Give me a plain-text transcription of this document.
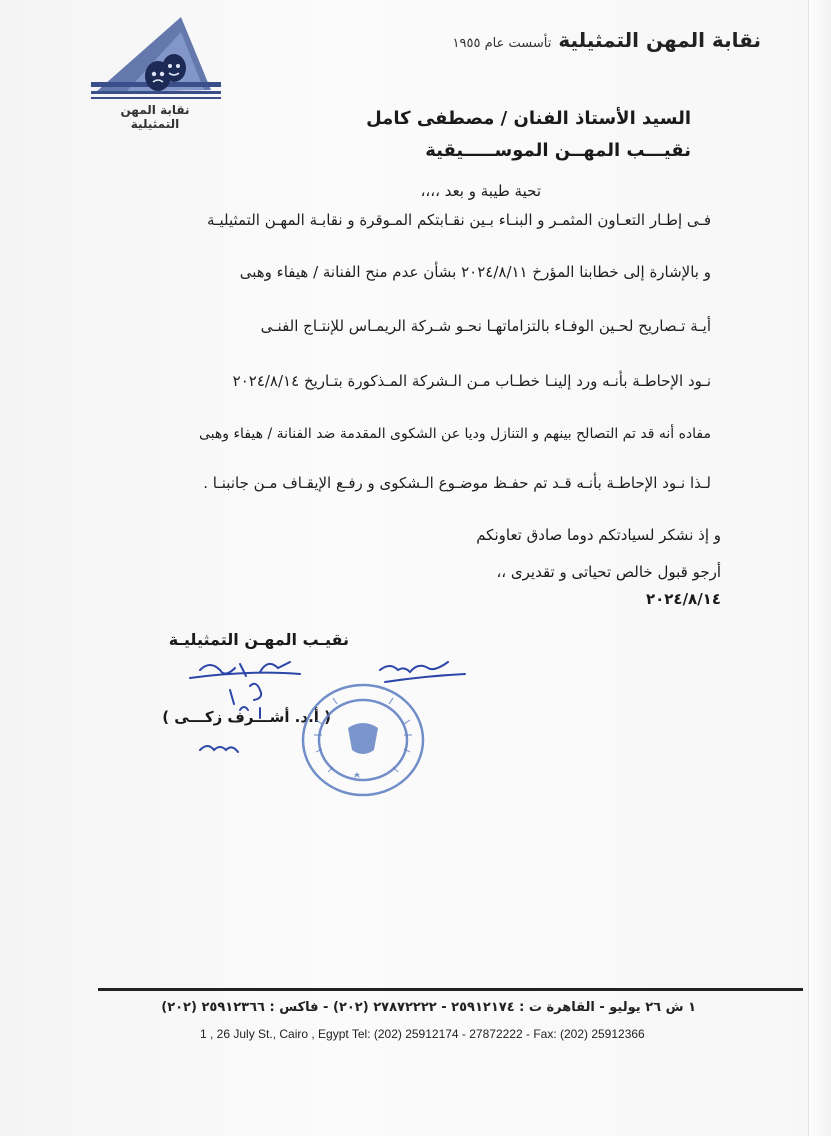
نقابة المهن التمثيلية
نقابة المهن التمثيلية تأسست عام ١٩٥٥
السيد الأستاذ الفنان / مصطفى كامل
نقيـــب المهــن الموســـــيقية
تحية طيبة و بعد ،،،،
فـى إطـار التعـاون المثمـر و البنـاء بـين نقـابتكم المـوقرة و نقابـة المهـن التمثيليـة
و بالإشارة إلى خطابنا المؤرخ ٢٠٢٤/٨/١١ بشأن عدم منح الفنانة / هيفاء وهبى
أيـة تـصاريح لحـين الوفـاء بالتزاماتهـا نحـو شـركة الريمـاس للإنتـاج الفنـى
نـود الإحاطـة بأنـه ورد إلينـا خطـاب مـن الـشركة المـذكورة بتـاريخ ٢٠٢٤/٨/١٤
مفاده أنه قد تم التصالح بينهم و التنازل وديا عن الشكوى المقدمة ضد الفنانة / هيفاء وهبى
لـذا نـود الإحاطـة بأنـه قـد تم حفـظ موضـوع الـشكوى و رفـع الإيقـاف مـن جانبنـا .
و إذ نشكر لسيادتكم دوما صادق تعاونكم
أرجو قبول خالص تحياتى و تقديرى ،،
٢٠٢٤/٨/١٤
نقيـب المهـن التمثيليـة
( أ.د. أشـــرف زكـــى )
١ ش ٢٦ يوليو - القاهرة ت : ٢٥٩١٢١٧٤ - ٢٧٨٧٢٢٢٢ (٢٠٢) - فاكس : ٢٥٩١٢٣٦٦ (٢٠٢)
1 , 26 July St., Cairo , Egypt Tel: (202) 25912174 - 27872222 - Fax: (202) 25912366
